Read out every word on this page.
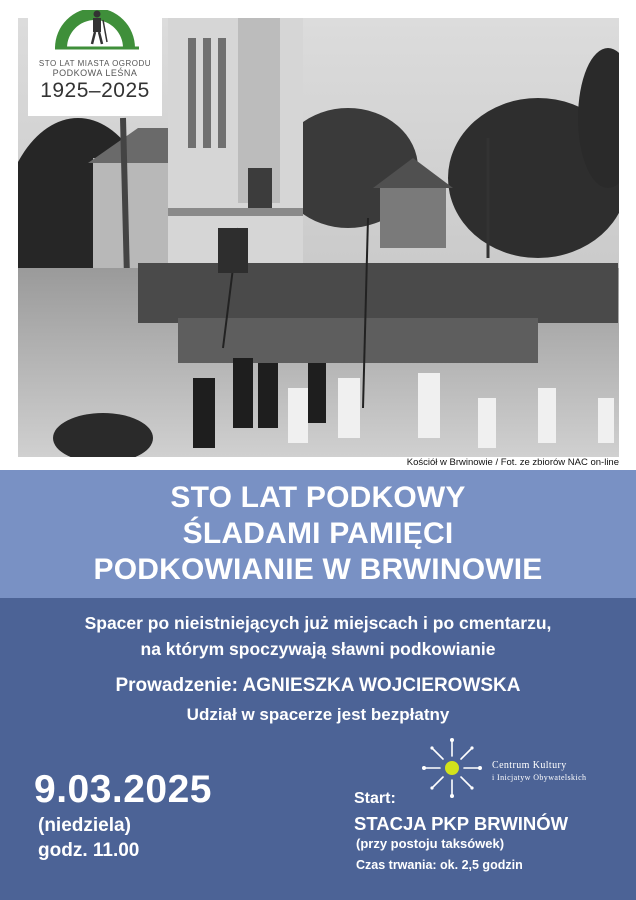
STO LAT MIASTA OGRODU
PODKOWA LEŚNA
1925–2025
Kościół w Brwinowie / Fot. ze zbiorów NAC on-line
STO LAT PODKOWY
ŚLADAMI PAMIĘCI
PODKOWIANIE W BRWINOWIE
Spacer po nieistniejących już miejscach i po cmentarzu,
na którym spoczywają sławni podkowianie
Prowadzenie: AGNIESZKA WOJCIEROWSKA
Udział w spacerze jest bezpłatny
9.03.2025
(niedziela)
godz. 11.00
Centrum Kultury
i Inicjatyw Obywatelskich
Start:
STACJA PKP BRWINÓW
(przy postoju taksówek)
Czas trwania: ok. 2,5 godzin
